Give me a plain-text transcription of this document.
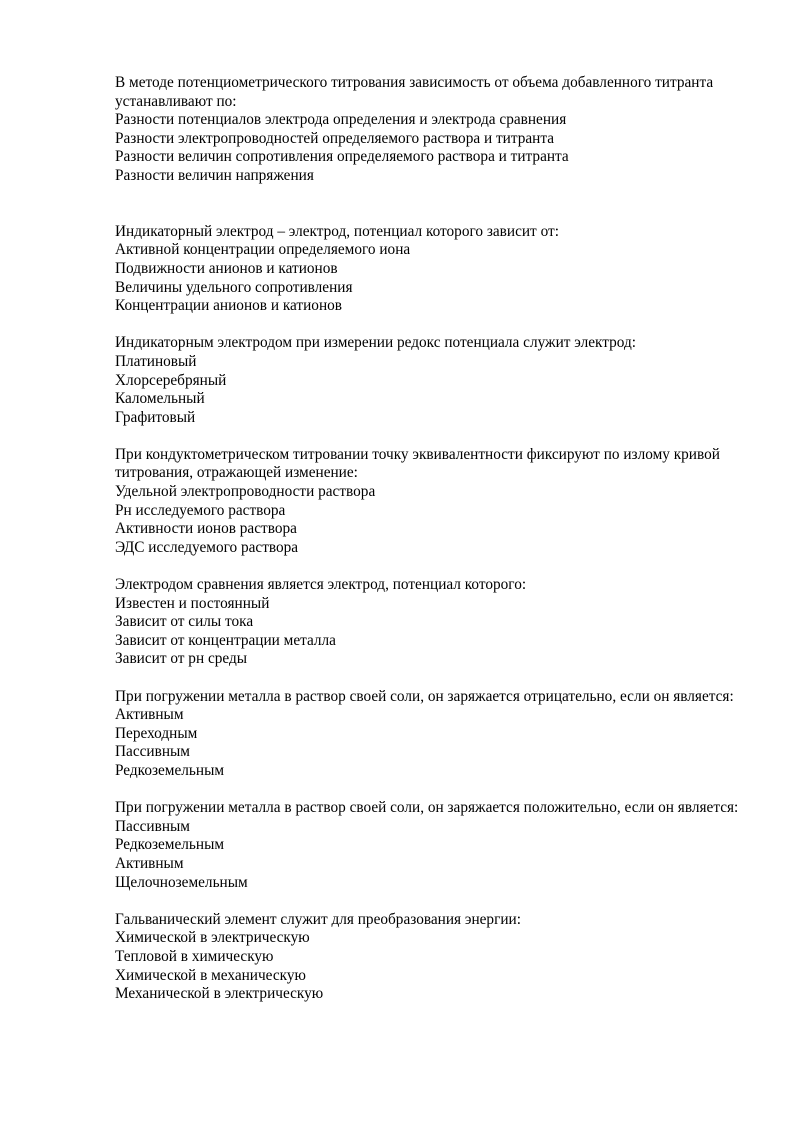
В методе потенциометрического титрования зависимость от объема добавленного титранта устанавливают по:

Разности потенциалов электрода определения и электрода сравнения
Разности электропроводностей определяемого раствора и титранта
Разности величин сопротивления определяемого раствора и титранта
Разности величин напряжения

Индикаторный электрод – электрод, потенциал которого зависит от:

Активной концентрации определяемого иона
Подвижности анионов и катионов
Величины удельного сопротивления
Концентрации анионов и катионов

Индикаторным электродом при измерении редокс потенциала служит электрод:

Платиновый
Хлорсеребряный
Каломельный
Графитовый

При кондуктометрическом титровании точку эквивалентности фиксируют по излому кривой титрования, отражающей изменение:

Удельной электропроводности раствора
Рн исследуемого раствора
Активности ионов раствора
ЭДС исследуемого раствора

Электродом сравнения является электрод, потенциал которого:

Известен и постоянный
Зависит от силы тока
Зависит от концентрации металла
Зависит от рн среды

При погружении металла в раствор своей соли, он заряжается отрицательно, если он является:

Активным
Переходным
Пассивным
Редкоземельным

При погружении металла в раствор своей соли, он заряжается положительно, если он является:

Пассивным
Редкоземельным
Активным
Щелочноземельным

Гальванический элемент служит для преобразования энергии:

Химической в электрическую
Тепловой в химическую
Химической в механическую
Механической в электрическую
